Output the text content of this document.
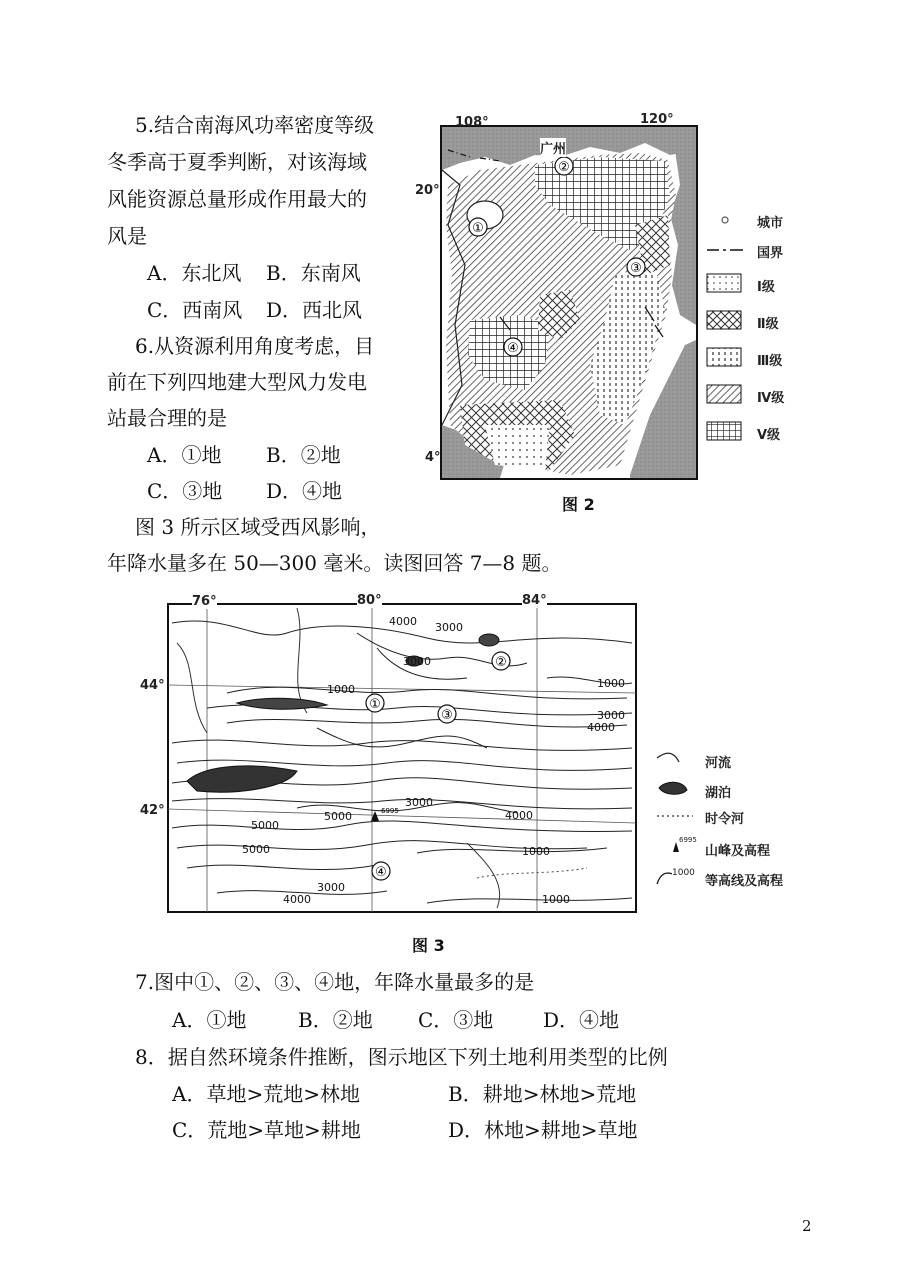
5.结合南海风功率密度等级
冬季高于夏季判断，对该海域
风能资源总量形成作用最大的
风是
A．东北风 B．东南风
C．西南风 D．西北风
6.从资源利用角度考虑，目
前在下列四地建大型风力发电
站最合理的是
A．①地 B．②地
C．③地 D．④地
图 3 所示区域受西风影响，
年降水量多在 50—300 毫米。读图回答 7—8 题。
①
②
③
④
108°	120°
20°
4°
广州
图 2
城市
国界
Ⅰ级
Ⅱ级
Ⅲ级
Ⅳ级
Ⅴ级
6995
4000 3000
3000
1000	1000
3000
4000
3000
5000
5000
4000
5000
1000
3000
4000	1000
①
②
③
④
76°	80°	84°
44°
42°
图 3
6995
1000
河流
湖泊
时令河
山峰及高程
等高线及高程
7.图中①、②、③、④地，年降水量最多的是
A．①地	B．②地 C．③地 D．④地
8．据自然环境条件推断，图示地区下列土地利用类型的比例
A．草地>荒地>林地	B．耕地>林地>荒地
C．荒地>草地>耕地	D．林地>耕地>草地
2
